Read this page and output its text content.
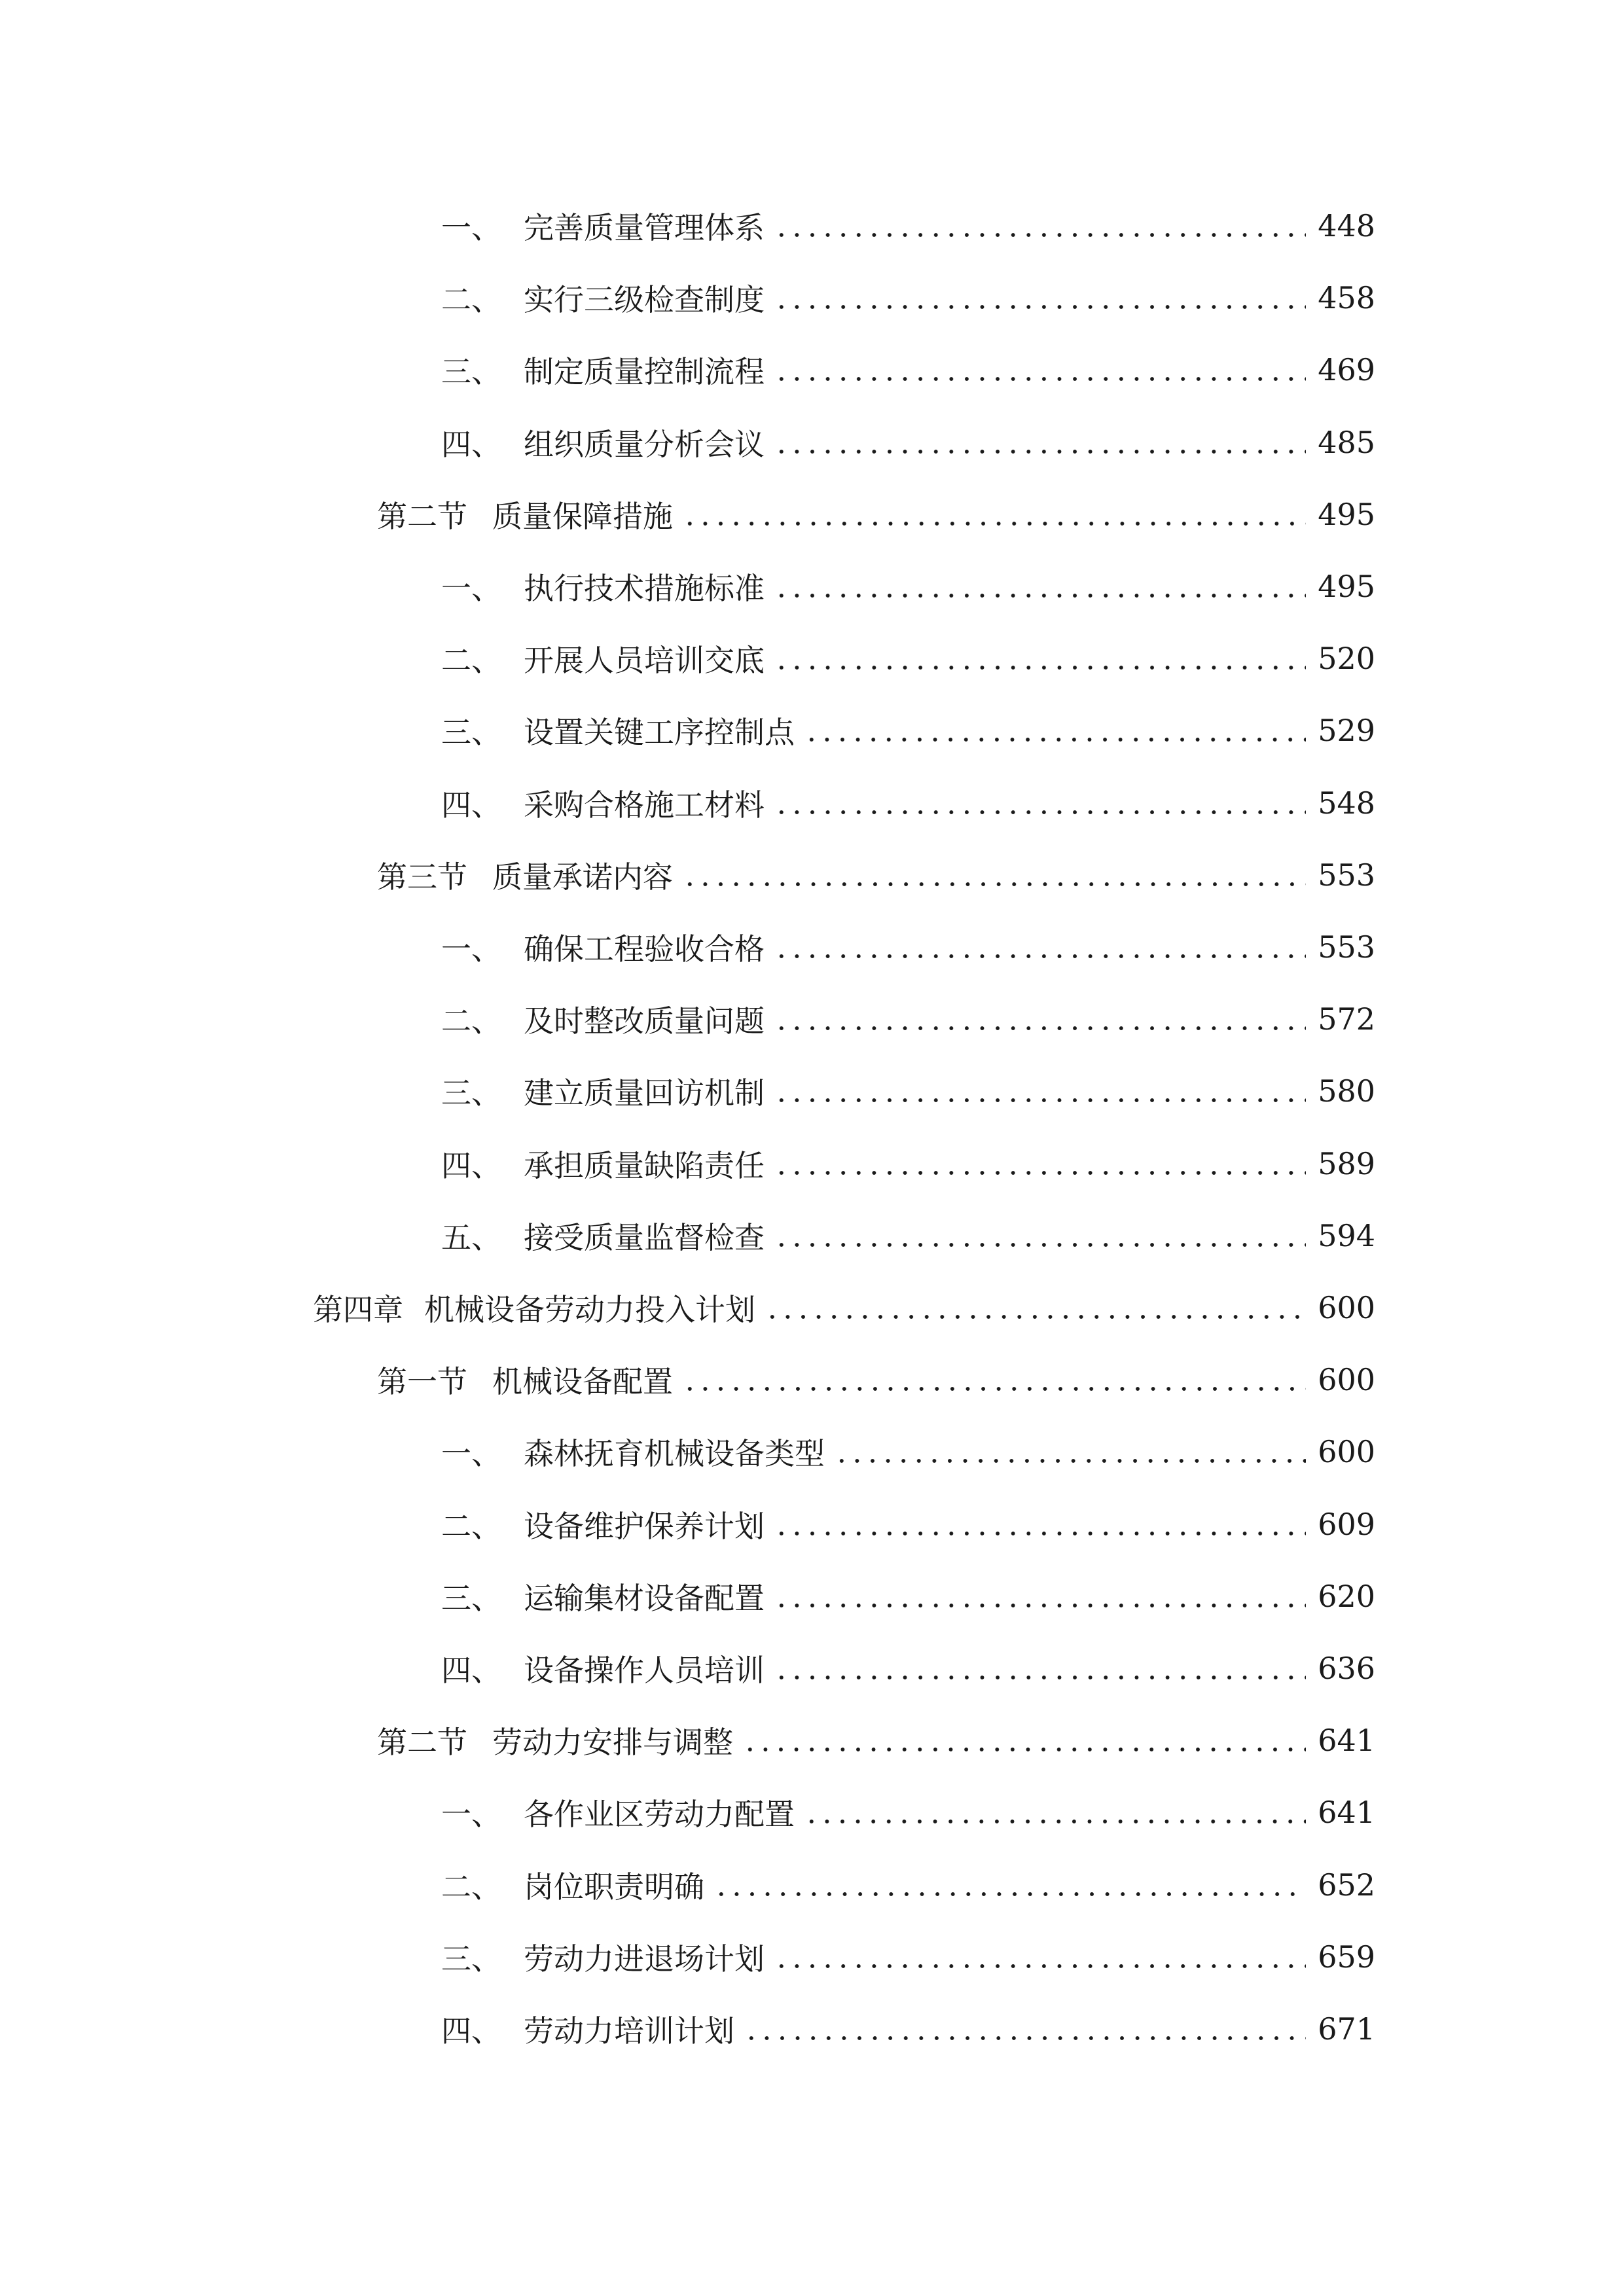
一、 完善质量管理体系	448
二、 实行三级检查制度	458
三、 制定质量控制流程	469
四、 组织质量分析会议	485
第二节 质量保障措施	495
一、 执行技术措施标准	495
二、 开展人员培训交底	520
三、 设置关键工序控制点	529
四、 采购合格施工材料	548
第三节 质量承诺内容	553
一、 确保工程验收合格	553
二、 及时整改质量问题	572
三、 建立质量回访机制	580
四、 承担质量缺陷责任	589
五、 接受质量监督检查	594
第四章 机械设备劳动力投入计划	600
第一节 机械设备配置	600
一、 森林抚育机械设备类型	600
二、 设备维护保养计划	609
三、 运输集材设备配置	620
四、 设备操作人员培训	636
第二节 劳动力安排与调整	641
一、 各作业区劳动力配置	641
二、 岗位职责明确	652
三、 劳动力进退场计划	659
四、 劳动力培训计划	671
